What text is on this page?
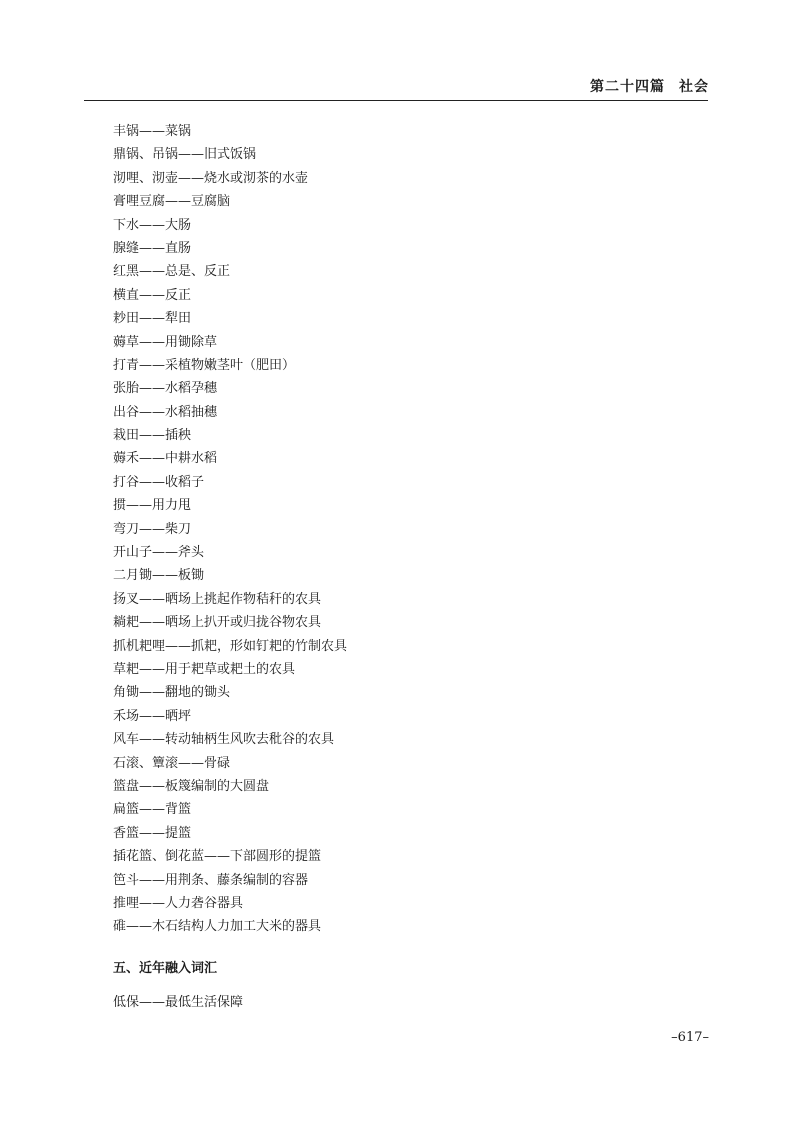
第二十四篇 社会
丰锅——菜锅
鼎锅、吊锅——旧式饭锅
沏哩、沏壶——烧水或沏茶的水壶
膏哩豆腐——豆腐脑
下水——大肠
腺缝——直肠
红黑——总是、反正
横直——反正
耖田——犁田
薅草——用锄除草
打青——采植物嫩茎叶（肥田）
张胎——水稻孕穗
出谷——水稻抽穗
栽田——插秧
薅禾——中耕水稻
打谷——收稻子
掼——用力甩
弯刀——柴刀
开山子——斧头
二月锄——板锄
扬叉——晒场上挑起作物秸秆的农具
耥耙——晒场上扒开或归拢谷物农具
抓机耙哩——抓耙，形如钉耙的竹制农具
草耙——用于耙草或耙土的农具
角锄——翻地的锄头
禾场——晒坪
风车——转动轴柄生风吹去秕谷的农具
石滚、簟滚——骨碌
篮盘——板篾编制的大圆盘
扁篮——背篮
香篮——提篮
插花篮、倒花蓝——下部圆形的提篮
笆斗——用荆条、藤条编制的容器
推哩——人力砻谷器具
碓——木石结构人力加工大米的器具
五、近年融入词汇
低保——最低生活保障
–617–
